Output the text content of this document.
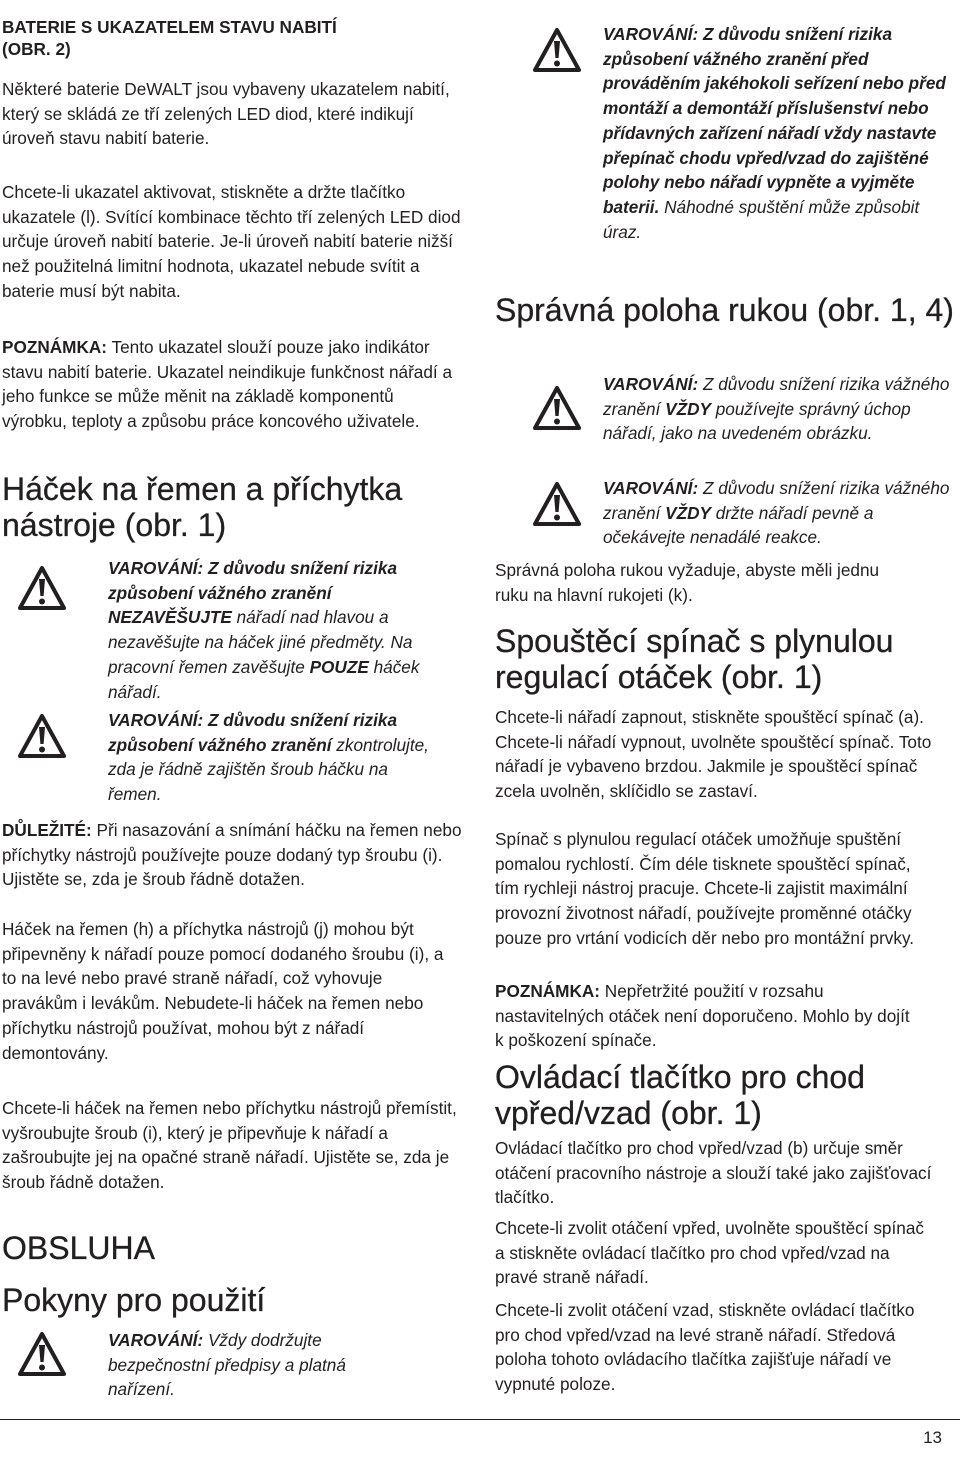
BATERIE S UKAZATELEM STAVU NABITÍ
(OBR. 2)

Některé baterie DeWALT jsou vybaveny ukazatelem nabití, který se skládá ze tří zelených LED diod, které indikují úroveň stavu nabití baterie.

Chcete-li ukazatel aktivovat, stiskněte a držte tlačítko ukazatele (l). Svítící kombinace těchto tří zelených LED diod určuje úroveň nabití baterie. Je-li úroveň nabití baterie nižší než použitelná limitní hodnota, ukazatel nebude svítit a baterie musí být nabita.

POZNÁMKA: Tento ukazatel slouží pouze jako indikátor stavu nabití baterie. Ukazatel neindikuje funkčnost nářadí a jeho funkce se může měnit na základě komponentů výrobku, teploty a způsobu práce koncového uživatele.

Háček na řemen a příchytka nástroje (obr. 1)

VAROVÁNÍ: Z důvodu snížení rizika způsobení vážného zranění NEZAVĚŠUJTE nářadí nad hlavou a nezavěšujte na háček jiné předměty. Na pracovní řemen zavěšujte POUZE háček nářadí.

VAROVÁNÍ: Z důvodu snížení rizika způsobení vážného zranění zkontrolujte, zda je řádně zajištěn šroub háčku na řemen.

DŮLEŽITÉ: Při nasazování a snímání háčku na řemen nebo příchytky nástrojů používejte pouze dodaný typ šroubu (i). Ujistěte se, zda je šroub řádně dotažen.

Háček na řemen (h) a příchytka nástrojů (j) mohou být připevněny k nářadí pouze pomocí dodaného šroubu (i), a to na levé nebo pravé straně nářadí, což vyhovuje pravákům i levákům. Nebudete-li háček na řemen nebo příchytku nástrojů používat, mohou být z nářadí demontovány.

Chcete-li háček na řemen nebo příchytku nástrojů přemístit, vyšroubujte šroub (i), který je připevňuje k nářadí a zašroubujte jej na opačné straně nářadí. Ujistěte se, zda je šroub řádně dotažen.

OBSLUHA
Pokyny pro použití

VAROVÁNÍ: Vždy dodržujte bezpečnostní předpisy a platná nařízení.

VAROVÁNÍ: Z důvodu snížení rizika způsobení vážného zranění před prováděním jakéhokoli seřízení nebo před montáží a demontáží příslušenství nebo přídavných zařízení nářadí vždy nastavte přepínač chodu vpřed/vzad do zajištěné polohy nebo nářadí vypněte a vyjměte baterii. Náhodné spuštění může způsobit úraz.

Správná poloha rukou (obr. 1, 4)

VAROVÁNÍ: Z důvodu snížení rizika vážného zranění VŽDY používejte správný úchop nářadí, jako na uvedeném obrázku.

VAROVÁNÍ: Z důvodu snížení rizika vážného zranění VŽDY držte nářadí pevně a očekávejte nenadálé reakce.

Správná poloha rukou vyžaduje, abyste měli jednu ruku na hlavní rukojeti (k).

Spouštěcí spínač s plynulou regulací otáček (obr. 1)

Chcete-li nářadí zapnout, stiskněte spouštěcí spínač (a). Chcete-li nářadí vypnout, uvolněte spouštěcí spínač. Toto nářadí je vybaveno brzdou. Jakmile je spouštěcí spínač zcela uvolněn, sklíčidlo se zastaví.

Spínač s plynulou regulací otáček umožňuje spuštění pomalou rychlostí. Čím déle tisknete spouštěcí spínač, tím rychleji nástroj pracuje. Chcete-li zajistit maximální provozní životnost nářadí, používejte proměnné otáčky pouze pro vrtání vodicích děr nebo pro montážní prvky.

POZNÁMKA: Nepřetržité použití v rozsahu nastavitelných otáček není doporučeno. Mohlo by dojít k poškození spínače.

Ovládací tlačítko pro chod vpřed/vzad (obr. 1)

Ovládací tlačítko pro chod vpřed/vzad (b) určuje směr otáčení pracovního nástroje a slouží také jako zajišťovací tlačítko.

Chcete-li zvolit otáčení vpřed, uvolněte spouštěcí spínač a stiskněte ovládací tlačítko pro chod vpřed/vzad na pravé straně nářadí.

Chcete-li zvolit otáčení vzad, stiskněte ovládací tlačítko pro chod vpřed/vzad na levé straně nářadí. Středová poloha tohoto ovládacího tlačítka zajišťuje nářadí ve vypnuté poloze.

13
